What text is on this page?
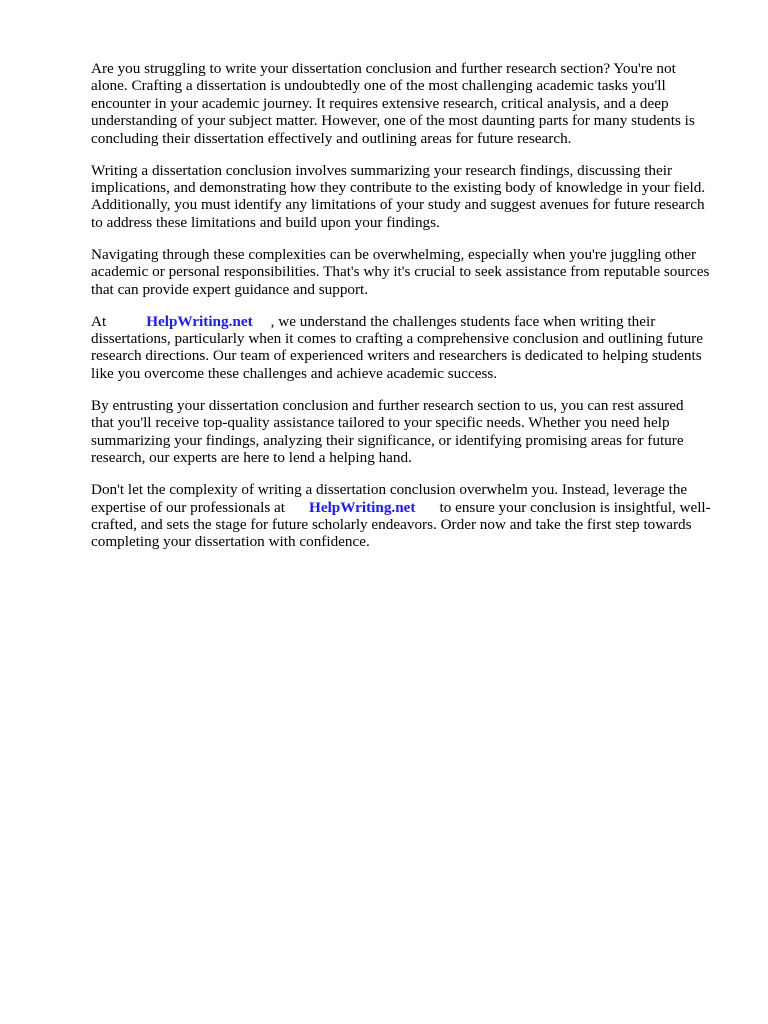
Are you struggling to write your dissertation conclusion and further research section? You're not
alone. Crafting a dissertation is undoubtedly one of the most challenging academic tasks you'll
encounter in your academic journey. It requires extensive research, critical analysis, and a deep
understanding of your subject matter. However, one of the most daunting parts for many students is
concluding their dissertation effectively and outlining areas for future research.

Writing a dissertation conclusion involves summarizing your research findings, discussing their
implications, and demonstrating how they contribute to the existing body of knowledge in your field.
Additionally, you must identify any limitations of your study and suggest avenues for future research
to address these limitations and build upon your findings.

Navigating through these complexities can be overwhelming, especially when you're juggling other
academic or personal responsibilities. That's why it's crucial to seek assistance from reputable sources
that can provide expert guidance and support.

At	HelpWriting.net , we understand the challenges students face when writing their
dissertations, particularly when it comes to crafting a comprehensive conclusion and outlining future
research directions. Our team of experienced writers and researchers is dedicated to helping students
like you overcome these challenges and achieve academic success.

By entrusting your dissertation conclusion and further research section to us, you can rest assured
that you'll receive top-quality assistance tailored to your specific needs. Whether you need help
summarizing your findings, analyzing their significance, or identifying promising areas for future
research, our experts are here to lend a helping hand.

Don't let the complexity of writing a dissertation conclusion overwhelm you. Instead, leverage the
expertise of our professionals at HelpWriting.net to ensure your conclusion is insightful, well-
crafted, and sets the stage for future scholarly endeavors. Order now and take the first step towards
completing your dissertation with confidence.
